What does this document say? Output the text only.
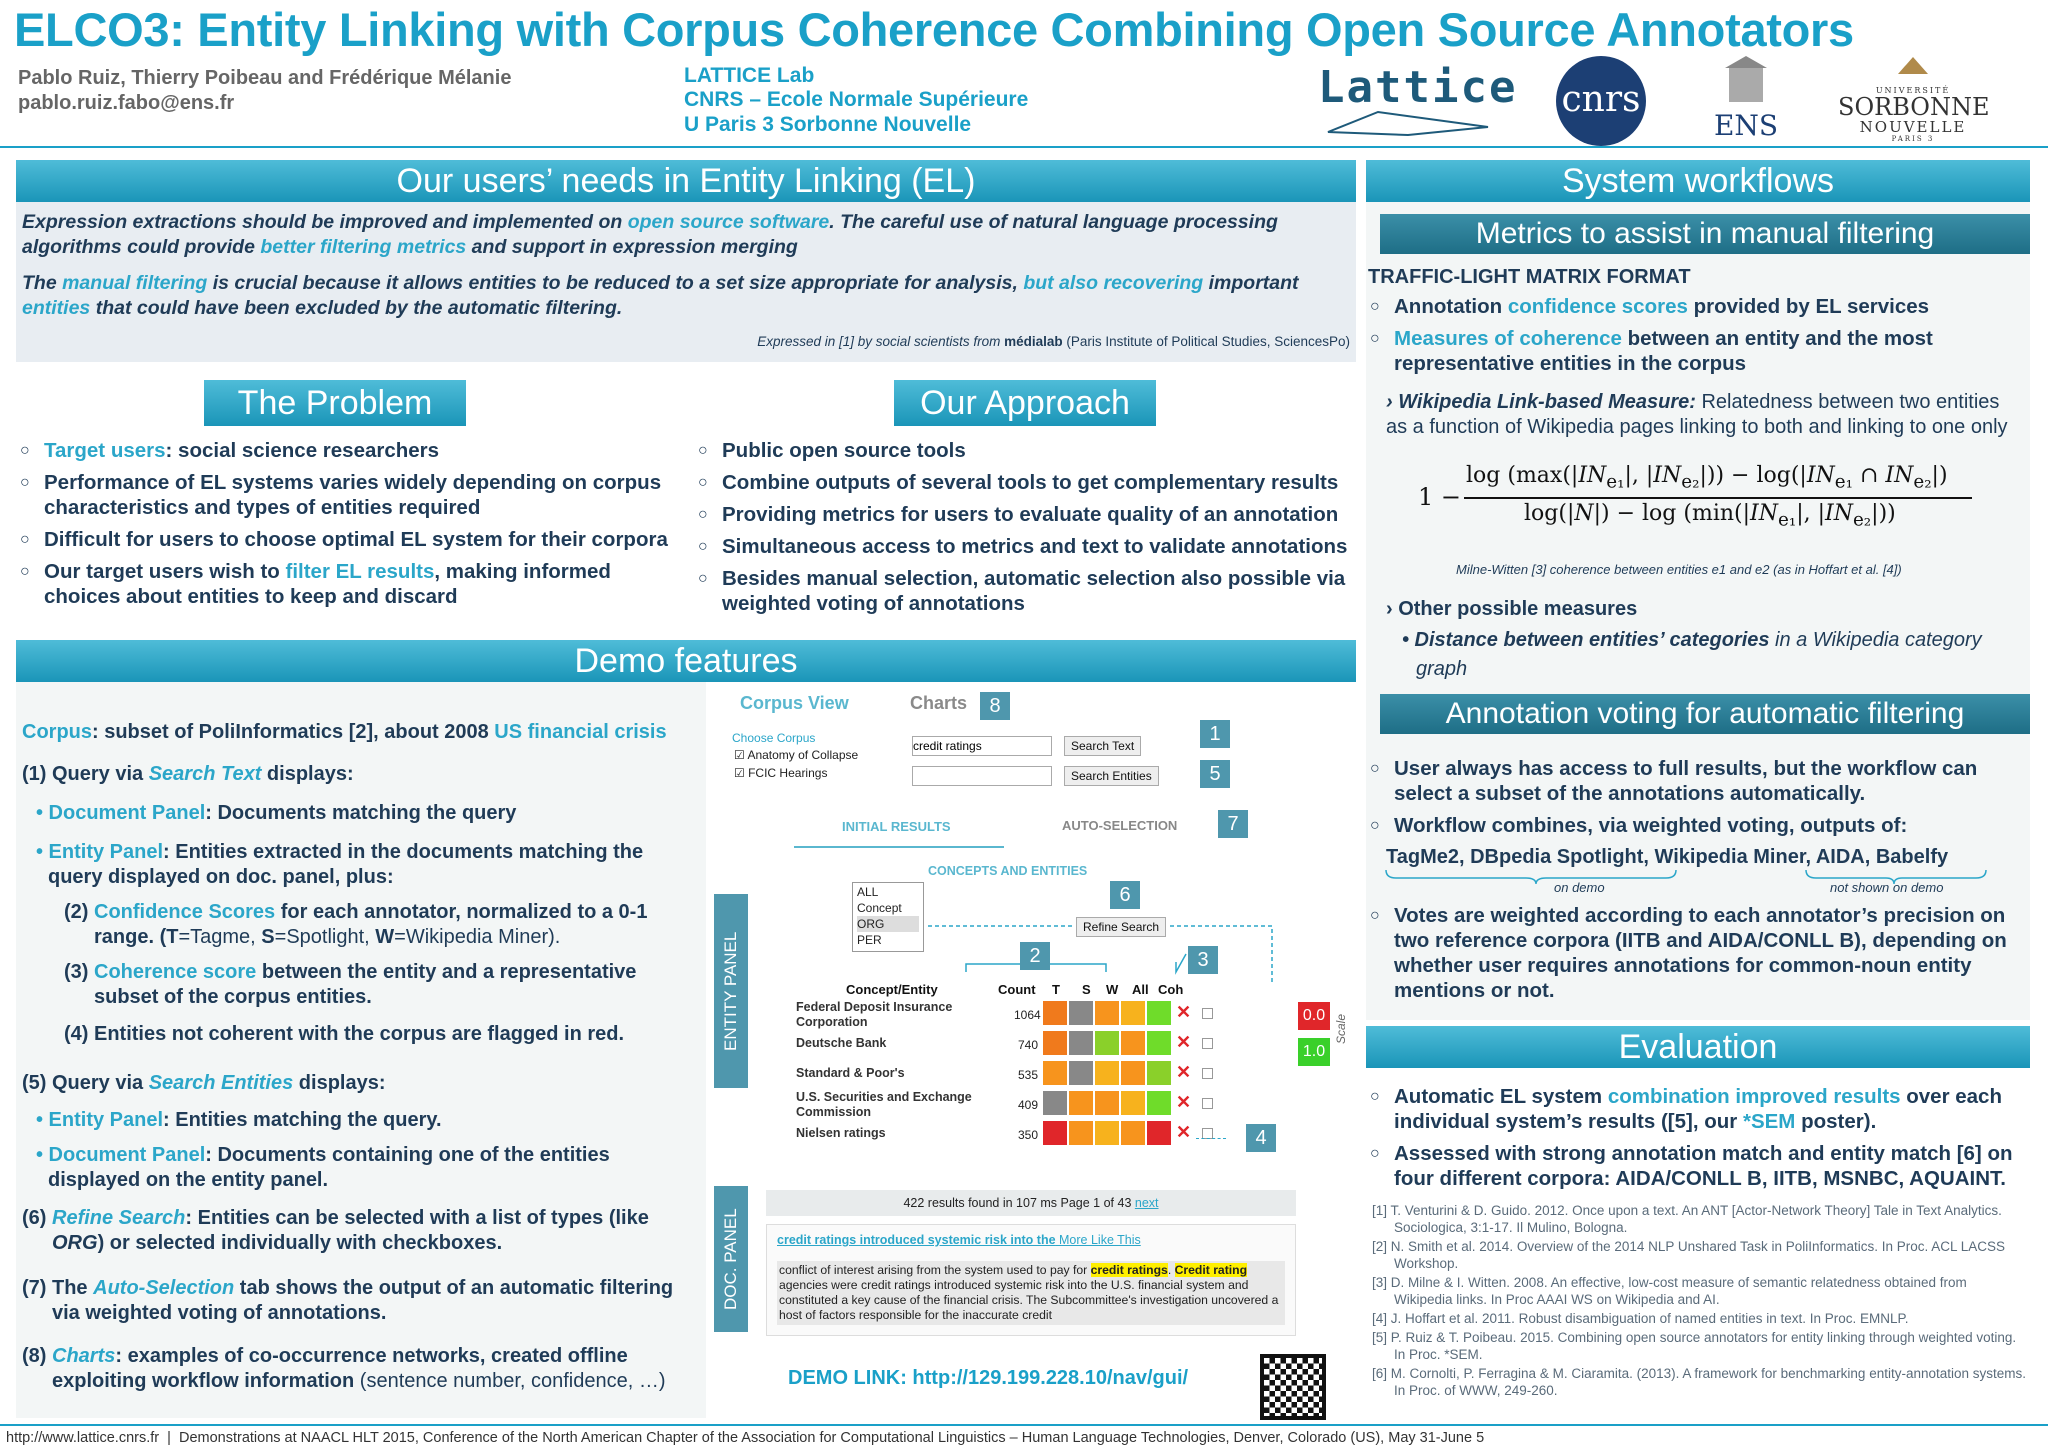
ELCO3: Entity Linking with Corpus Coherence Combining Open Source Annotators
Pablo Ruiz, Thierry Poibeau and Frédérique Mélanie
pablo.ruiz.fabo@ens.fr
LATTICE Lab
CNRS – Ecole Normale Supérieure
U Paris 3 Sorbonne Nouvelle
Lattice cnrs
ENS
UNIVERSITÉ
SORBONNE
NOUVELLE
PARIS 3
Our users’ needs in Entity Linking (EL)

Expression extractions should be improved and implemented on open source software. The careful use of natural language processing algorithms could provide better filtering metrics and support in expression merging

The manual filtering is crucial because it allows entities to be reduced to a set size appropriate for analysis, but also recovering important entities that could have been excluded by the automatic filtering.

Expressed in [1] by social scientists from médialab (Paris Institute of Political Studies, SciencesPo)

The Problem
○ Target users: social science researchers
○ Performance of EL systems varies widely depending on corpus characteristics and types of entities required
○ Difficult for users to choose optimal EL system for their corpora
○ Our target users wish to filter EL results, making informed choices about entities to keep and discard
Our Approach
○ Public open source tools
○ Combine outputs of several tools to get complementary results
○ Providing metrics for users to evaluate quality of an annotation
○ Simultaneous access to metrics and text to validate annotations
○ Besides manual selection, automatic selection also possible via weighted voting of annotations
Demo features

Corpus: subset of PoliInformatics [2], about 2008 US financial crisis

(1) Query via Search Text displays:

• Document Panel: Documents matching the query

• Entity Panel: Entities extracted in the documents matching the query displayed on doc. panel, plus:

(2) Confidence Scores for each annotator, normalized to a 0-1 range. (T=Tagme, S=Spotlight, W=Wikipedia Miner).

(3) Coherence score between the entity and a representative subset of the corpus entities.

(4) Entities not coherent with the corpus are flagged in red.

(5) Query via Search Entities displays:

• Entity Panel: Entities matching the query.

• Document Panel: Documents containing one of the entities displayed on the entity panel.

(6) Refine Search: Entities can be selected with a list of types (like ORG) or selected individually with checkboxes.

(7) The Auto-Selection tab shows the output of an automatic filtering via weighted voting of annotations.

(8) Charts: examples of co-occurrence networks, created offline exploiting workflow information (sentence number, confidence, …)

Corpus View	Charts	8
Choose Corpus
☑ Anatomy of Collapse
☑ FCIC Hearings
credit ratings
Search Text
Search Entities
1
5
INITIAL RESULTS	AUTO-SELECTION	7
CONCEPTS AND ENTITIES
ALL
Concept
ORG
PER
6
Refine Search
2	3
ENTITY PANEL	Concept/Entity	Count T S W All Coh
Federal Deposit Insurance Corporation	1064	✕
Deutsche Bank	740	✕
Standard & Poor's	535	✕
U.S. Securities and Exchange Commission	409	✕
Nielsen ratings	350	✕	4
0.0
1.0
Scale
DOC. PANEL
422 results found in 107 ms Page 1 of 43 next
credit ratings introduced systemic risk into the More Like This
conflict of interest arising from the system used to pay for credit ratings. Credit rating agencies were credit ratings introduced systemic risk into the U.S. financial system and constituted a key cause of the financial crisis. The Subcommittee's investigation uncovered a host of factors responsible for the inaccurate credit
DEMO LINK: http://129.199.228.10/nav/gui/
System workflows
Metrics to assist in manual filtering
TRAFFIC-LIGHT MATRIX FORMAT
○ Annotation confidence scores provided by EL services
○ Measures of coherence between an entity and the most representative entities in the corpus
› Wikipedia Link-based Measure: Relatedness between two entities as a function of Wikipedia pages linking to both and linking to one only
1 −
$\log (\max(|IN_{e_1}|$, $|IN_{e_2}|)) - \log(|IN_{e_1}$ ∩ $IN_{e_2}|$)
$\log(|N|) - \log (\min(|IN_{e_1}|$, $|IN_{e_2}|$))
Milne-Witten [3] coherence between entities e1 and e2 (as in Hoffart et al. [4])
› Other possible measures
• Distance between entities’ categories in a Wikipedia category graph
Annotation voting for automatic filtering
○ User always has access to full results, but the workflow can select a subset of the annotations automatically.
○ Workflow combines, via weighted voting, outputs of:
TagMe2, DBpedia Spotlight, Wikipedia Miner, AIDA, Babelfy
on demo	not shown on demo
○ Votes are weighted according to each annotator’s precision on two reference corpora (IITB and AIDA/CONLL B), depending on whether user requires annotations for common-noun entity mentions or not.
Evaluation
○ Automatic EL system combination improved results over each individual system’s results ([5], our *SEM poster).
○ Assessed with strong annotation match and entity match [6] on four different corpora: AIDA/CONLL B, IITB, MSNBC, AQUAINT.

[1] T. Venturini & D. Guido. 2012. Once upon a text. An ANT [Actor-Network Theory] Tale in Text Analytics. Sociologica, 3:1-17. Il Mulino, Bologna.

[2] N. Smith et al. 2014. Overview of the 2014 NLP Unshared Task in PoliInformatics. In Proc. ACL LACSS Workshop.

[3] D. Milne & I. Witten. 2008. An effective, low-cost measure of semantic relatedness obtained from Wikipedia links. In Proc AAAI WS on Wikipedia and AI.

[4] J. Hoffart et al. 2011. Robust disambiguation of named entities in text. In Proc. EMNLP.

[5] P. Ruiz & T. Poibeau. 2015. Combining open source annotators for entity linking through weighted voting. In Proc. *SEM.

[6] M. Cornolti, P. Ferragina & M. Ciaramita. (2013). A framework for benchmarking entity-annotation systems. In Proc. of WWW, 249-260.

http://www.lattice.cnrs.fr  |  Demonstrations at NAACL HLT 2015, Conference of the North American Chapter of the Association for Computational Linguistics – Human Language Technologies, Denver, Colorado (US), May 31-June 5
